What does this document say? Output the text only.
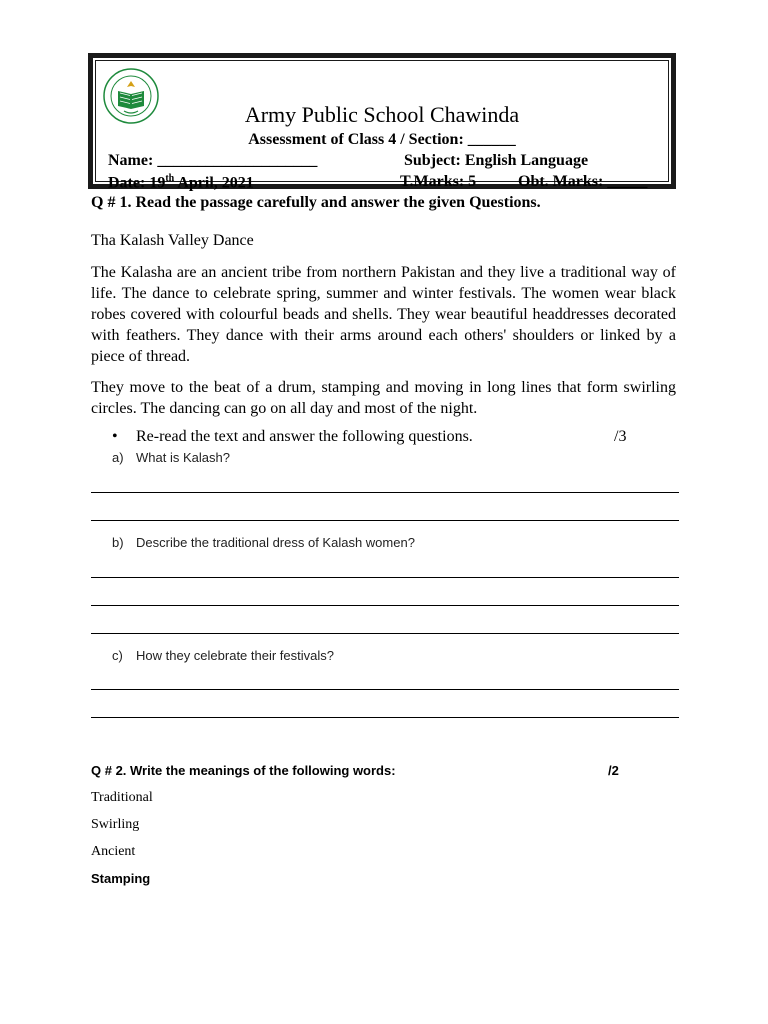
Army Public School Chawinda
Assessment of Class 4 / Section: ______
Name: ____________________	Subject: English Language
Date: 19th April, 2021	T.Marks: 5	Obt. Marks: _____
Q # 1. Read the passage carefully and answer the given Questions.
Tha Kalash Valley Dance
The Kalasha are an ancient tribe from northern Pakistan and they live a traditional way of life. The dance to celebrate spring, summer and winter festivals. The women wear black robes covered with colourful beads and shells. They wear beautiful headdresses decorated with feathers. They dance with their arms around each others' shoulders or linked by a piece of thread.
They move to the beat of a drum, stamping and moving in long lines that form swirling circles. The dancing can go on all day and most of the night.
• Re-read the text and answer the following questions.	/3
a) What is Kalash?
b) Describe the traditional dress of Kalash women?
c) How they celebrate their festivals?
Q # 2. Write the meanings of the following words:	/2
Traditional
Swirling
Ancient
Stamping
